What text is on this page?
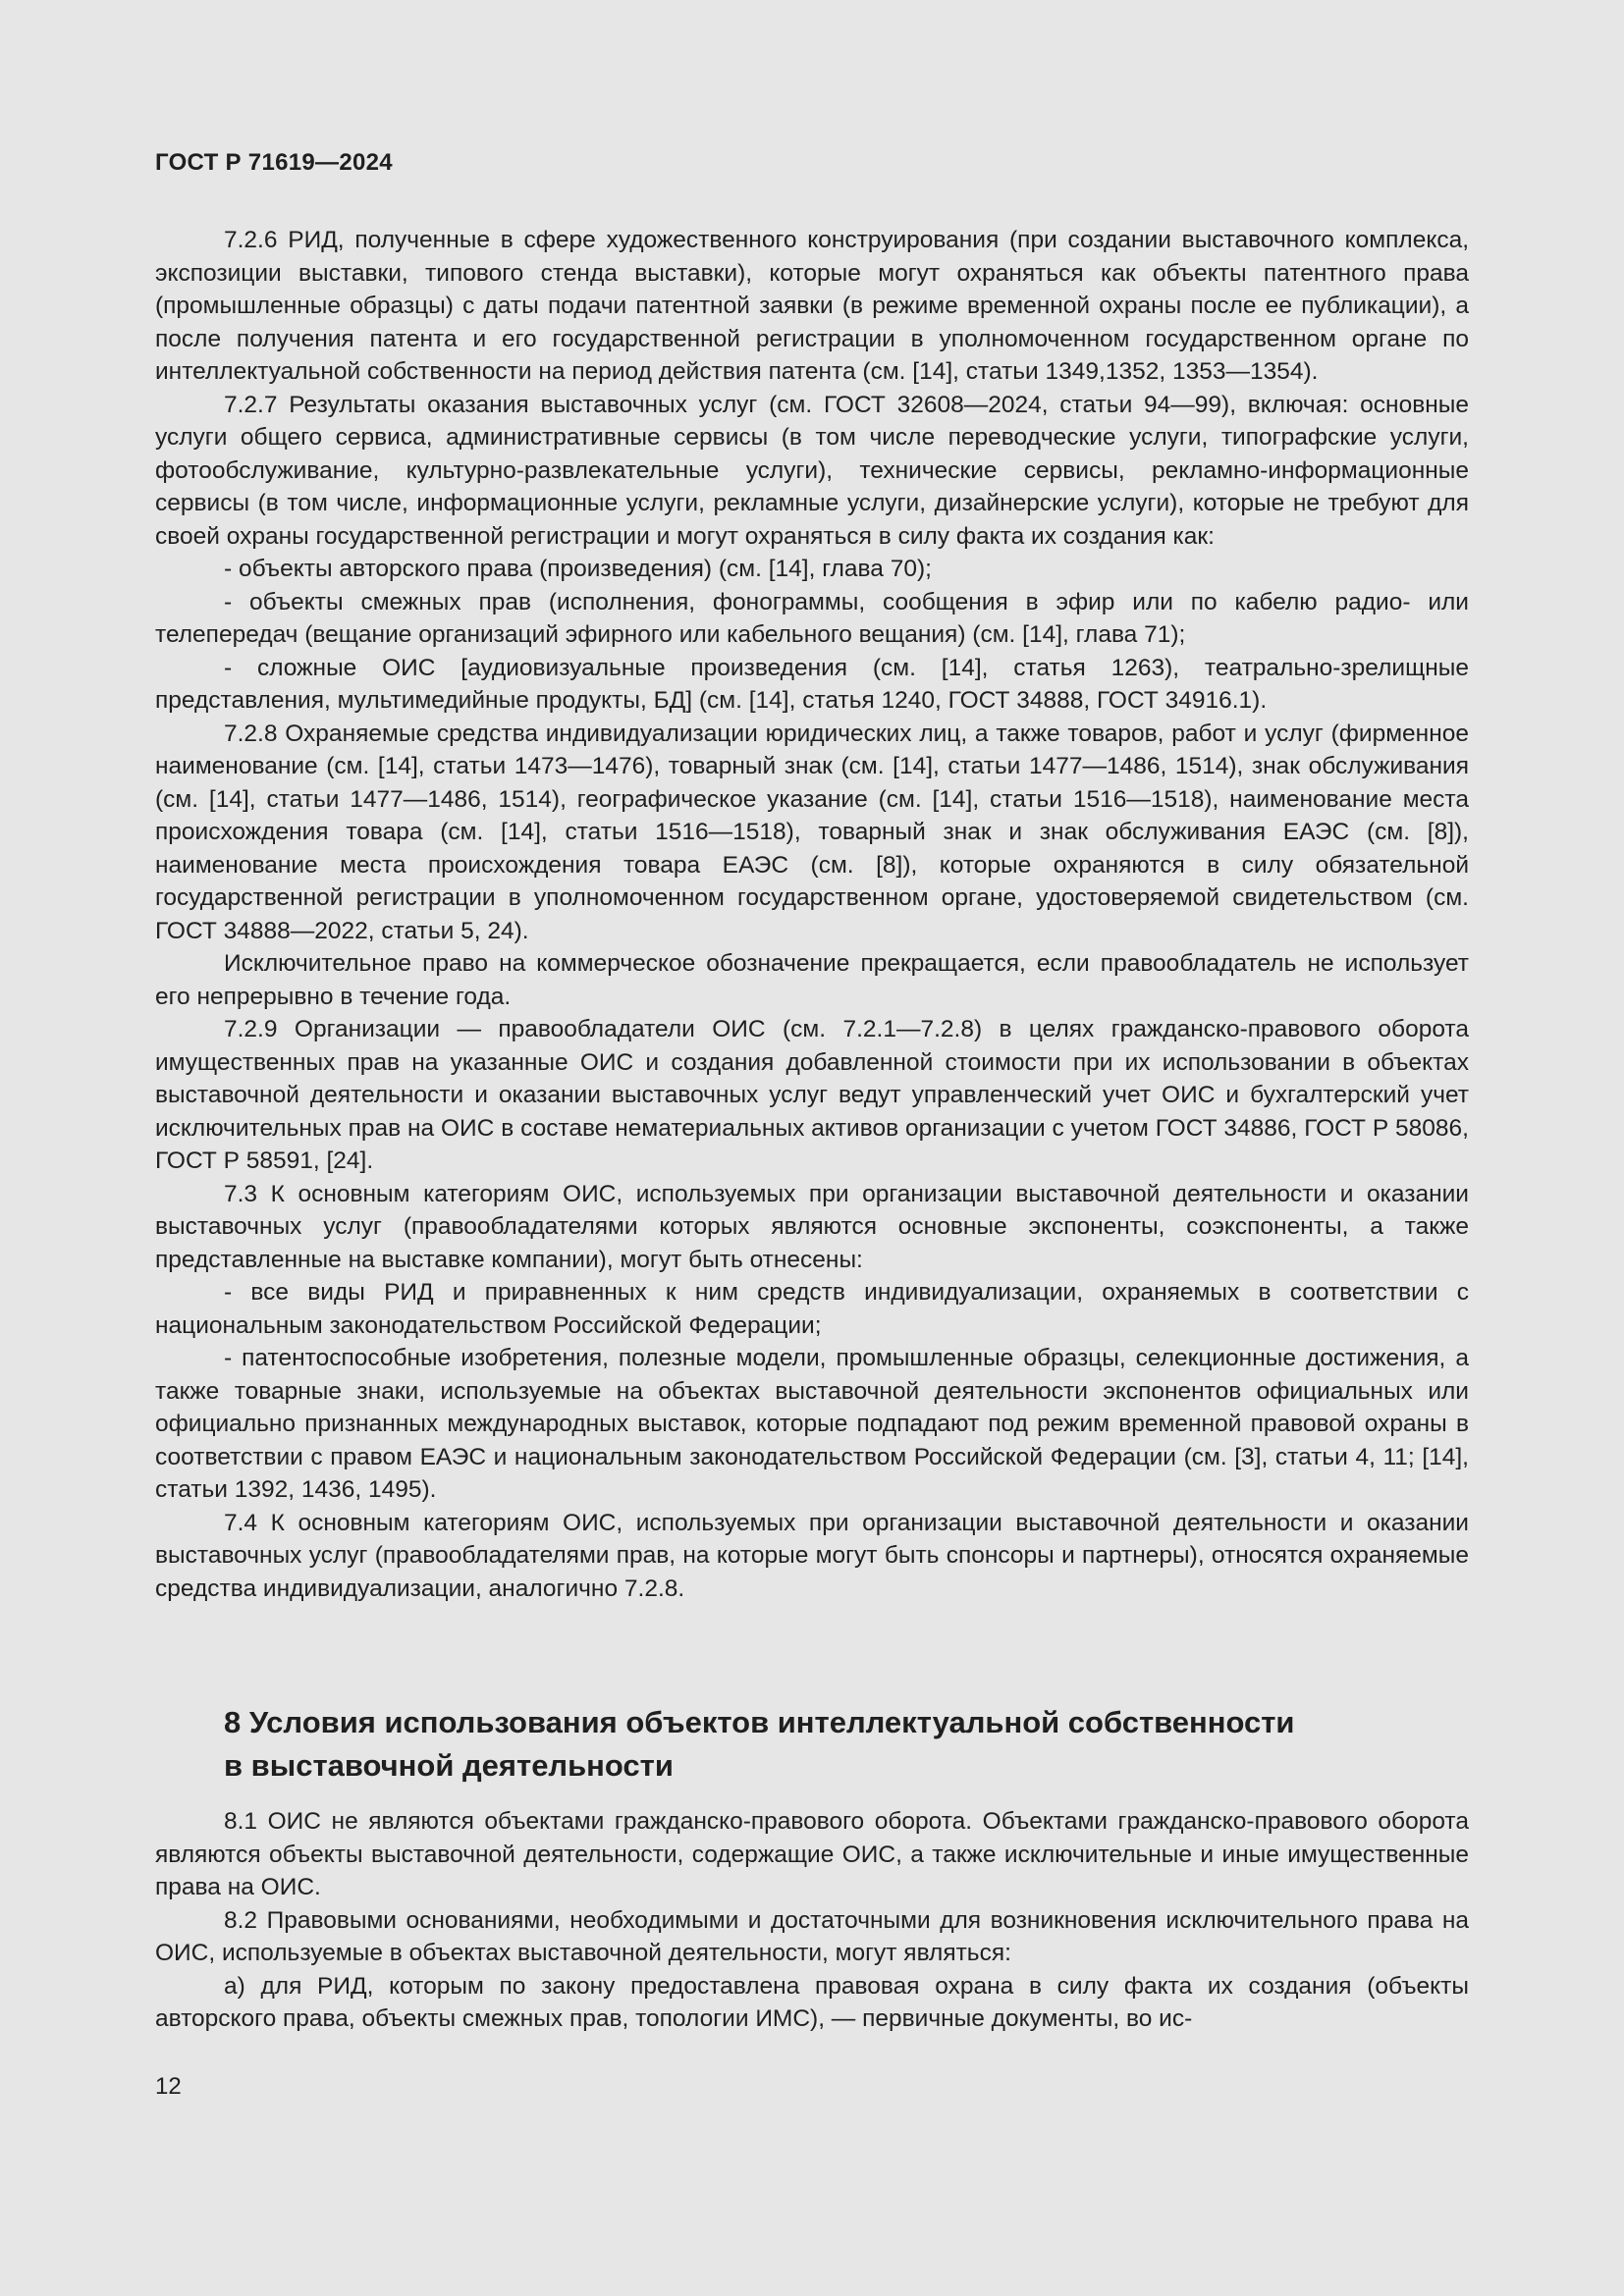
ГОСТ Р 71619—2024

7.2.6 РИД, полученные в сфере художественного конструирования (при создании выставочного комплекса, экспозиции выставки, типового стенда выставки), которые могут охраняться как объекты патентного права (промышленные образцы) с даты подачи патентной заявки (в режиме временной охраны после ее публикации), а после получения патента и его государственной регистрации в уполномоченном государственном органе по интеллектуальной собственности на период действия патента (см. [14], статьи 1349,1352, 1353—1354).

7.2.7 Результаты оказания выставочных услуг (см. ГОСТ 32608—2024, статьи 94—99), включая: основные услуги общего сервиса, административные сервисы (в том числе переводческие услуги, типографские услуги, фотообслуживание, культурно-развлекательные услуги), технические сервисы, рекламно-информационные сервисы (в том числе, информационные услуги, рекламные услуги, дизайнерские услуги), которые не требуют для своей охраны государственной регистрации и могут охраняться в силу факта их создания как:

- объекты авторского права (произведения) (см. [14], глава 70);

- объекты смежных прав (исполнения, фонограммы, сообщения в эфир или по кабелю радио- или телепередач (вещание организаций эфирного или кабельного вещания) (см. [14], глава 71);

- сложные ОИС [аудиовизуальные произведения (см. [14], статья 1263), театрально-зрелищные представления, мультимедийные продукты, БД] (см. [14], статья 1240, ГОСТ 34888, ГОСТ 34916.1).

7.2.8 Охраняемые средства индивидуализации юридических лиц, а также товаров, работ и услуг (фирменное наименование (см. [14], статьи 1473—1476), товарный знак (см. [14], статьи 1477—1486, 1514), знак обслуживания (см. [14], статьи 1477—1486, 1514), географическое указание (см. [14], статьи 1516—1518), наименование места происхождения товара (см. [14], статьи 1516—1518), товарный знак и знак обслуживания ЕАЭС (см. [8]), наименование места происхождения товара ЕАЭС (см. [8]), которые охраняются в силу обязательной государственной регистрации в уполномоченном государственном органе, удостоверяемой свидетельством (см. ГОСТ 34888—2022, статьи 5, 24).

Исключительное право на коммерческое обозначение прекращается, если правообладатель не использует его непрерывно в течение года.

7.2.9 Организации — правообладатели ОИС (см. 7.2.1—7.2.8) в целях гражданско-правового оборота имущественных прав на указанные ОИС и создания добавленной стоимости при их использовании в объектах выставочной деятельности и оказании выставочных услуг ведут управленческий учет ОИС и бухгалтерский учет исключительных прав на ОИС в составе нематериальных активов организации с учетом ГОСТ 34886, ГОСТ Р 58086, ГОСТ Р 58591, [24].

7.3 К основным категориям ОИС, используемых при организации выставочной деятельности и оказании выставочных услуг (правообладателями которых являются основные экспоненты, соэкспоненты, а также представленные на выставке компании), могут быть отнесены:

- все виды РИД и приравненных к ним средств индивидуализации, охраняемых в соответствии с национальным законодательством Российской Федерации;

- патентоспособные изобретения, полезные модели, промышленные образцы, селекционные достижения, а также товарные знаки, используемые на объектах выставочной деятельности экспонентов официальных или официально признанных международных выставок, которые подпадают под режим временной правовой охраны в соответствии с правом ЕАЭС и национальным законодательством Российской Федерации (см. [3], статьи 4, 11; [14], статьи 1392, 1436, 1495).

7.4 К основным категориям ОИС, используемых при организации выставочной деятельности и оказании выставочных услуг (правообладателями прав, на которые могут быть спонсоры и партнеры), относятся охраняемые средства индивидуализации, аналогично 7.2.8.

8 Условия использования объектов интеллектуальной собственности
в выставочной деятельности

8.1 ОИС не являются объектами гражданско-правового оборота. Объектами гражданско-правового оборота являются объекты выставочной деятельности, содержащие ОИС, а также исключительные и иные имущественные права на ОИС.

8.2 Правовыми основаниями, необходимыми и достаточными для возникновения исключительного права на ОИС, используемые в объектах выставочной деятельности, могут являться:

а) для РИД, которым по закону предоставлена правовая охрана в силу факта их создания (объекты авторского права, объекты смежных прав, топологии ИМС), — первичные документы, во ис-

12
